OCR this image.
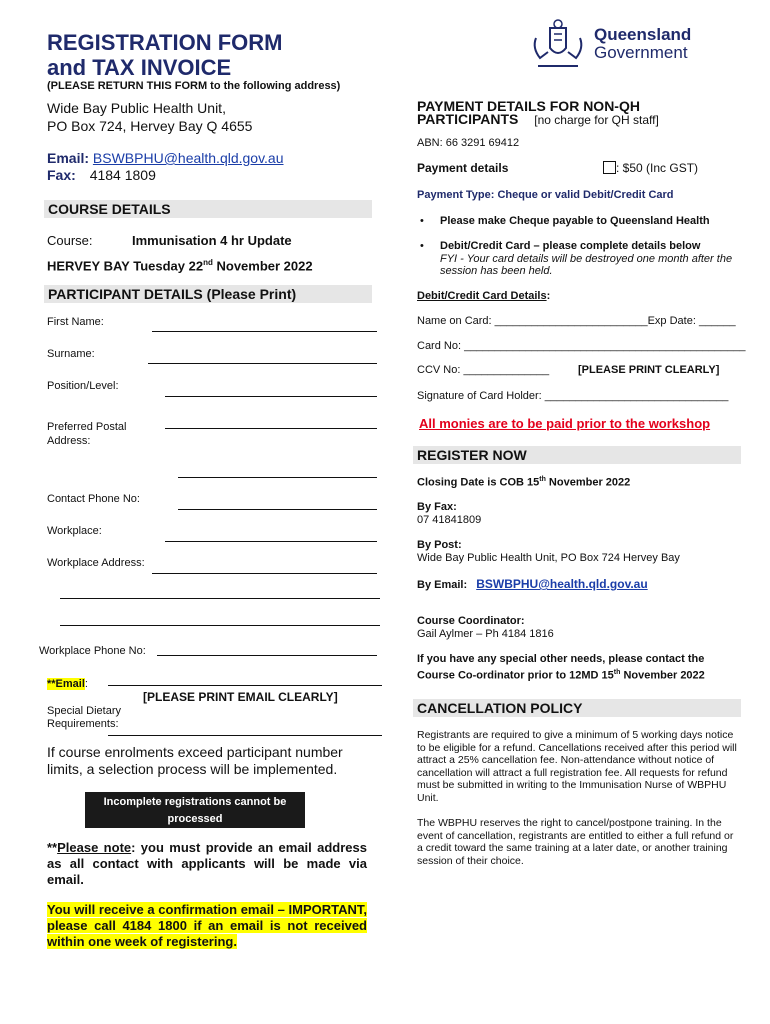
REGISTRATION FORM
and TAX INVOICE
(PLEASE RETURN THIS FORM to the following address)
Queensland
Government
Wide Bay Public Health Unit,
PO Box 724, Hervey Bay Q 4655
Email: BSWBPHU@health.qld.gov.au
Fax: 4184 1809
COURSE DETAILS
Course:	Immunisation 4 hr Update
HERVEY BAY Tuesday 22nd November 2022
PARTICIPANT DETAILS (Please Print)
First Name:
Surname:
Position/Level:
Preferred Postal
Address:
Contact Phone No:
Workplace:
Workplace Address:
Workplace Phone No:
**Email:
[PLEASE PRINT EMAIL CLEARLY]
Special Dietary
Requirements:
If course enrolments exceed participant number limits, a selection process will be implemented.
Incomplete registrations cannot be
processed
**Please note: you must provide an email address as all contact with applicants will be made via email.
You will receive a confirmation email – IMPORTANT, please call 4184 1800 if an email is not received within one week of registering.
PAYMENT DETAILS FOR NON-QH
PARTICIPANTS [no charge for QH staff]
ABN: 66 3291 69412
Payment details	: $50 (Inc GST)
Payment Type: Cheque or valid Debit/Credit Card
• Please make Cheque payable to Queensland Health
• Debit/Credit Card – please complete details below
FYI - Your card details will be destroyed one month after the session has been held.
Debit/Credit Card Details:
Name on Card: _________________________Exp Date: ______
Card No: ______________________________________________
CCV No: ______________	[PLEASE PRINT CLEARLY]
Signature of Card Holder: ______________________________
All monies are to be paid prior to the workshop
REGISTER NOW
Closing Date is COB 15th November 2022
By Fax:
07 41841809
By Post:
Wide Bay Public Health Unit, PO Box 724 Hervey Bay
By Email: BSWBPHU@health.qld.gov.au
Course Coordinator:
Gail Aylmer – Ph 4184 1816
If you have any special other needs, please contact the
Course Co-ordinator prior to 12MD 15th November 2022
CANCELLATION POLICY
Registrants are required to give a minimum of 5 working days notice to be eligible for a refund. Cancellations received after this period will attract a 25% cancellation fee. Non-attendance without notice of cancellation will attract a full registration fee. All requests for refund must be submitted in writing to the Immunisation Nurse of WBPHU Unit.
The WBPHU reserves the right to cancel/postpone training. In the event of cancellation, registrants are entitled to either a full refund or a credit toward the same training at a later date, or another training session of their choice.
